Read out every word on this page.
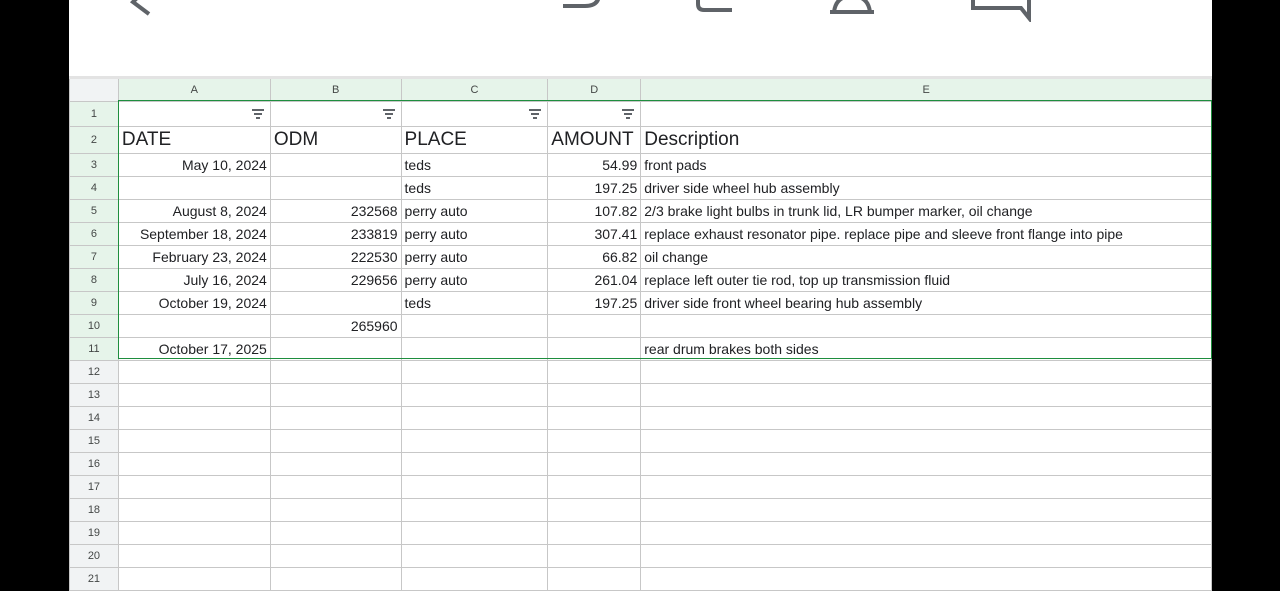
	A	B	C	D	E
1	

2	DATE	ODM	PLACE	AMOUNT	Description
3	May 10, 2024		teds	54.99	front pads
4			teds	197.25	driver side wheel hub assembly
5	August 8, 2024	232568	perry auto	107.82	2/3 brake light bulbs in trunk lid, LR bumper marker, oil change
6	September 18, 2024	233819	perry auto	307.41	replace exhaust resonator pipe. replace pipe and sleeve front flange into pipe
7	February 23, 2024	222530	perry auto	66.82	oil change
8	July 16, 2024	229656	perry auto	261.04	replace left outer tie rod, top up transmission fluid
9	October 19, 2024		teds	197.25	driver side front wheel bearing hub assembly
10		265960			
11	October 17, 2025				rear drum brakes both sides
12					
13					
14					
15					
16					
17					
18					
19					
20					
21					
